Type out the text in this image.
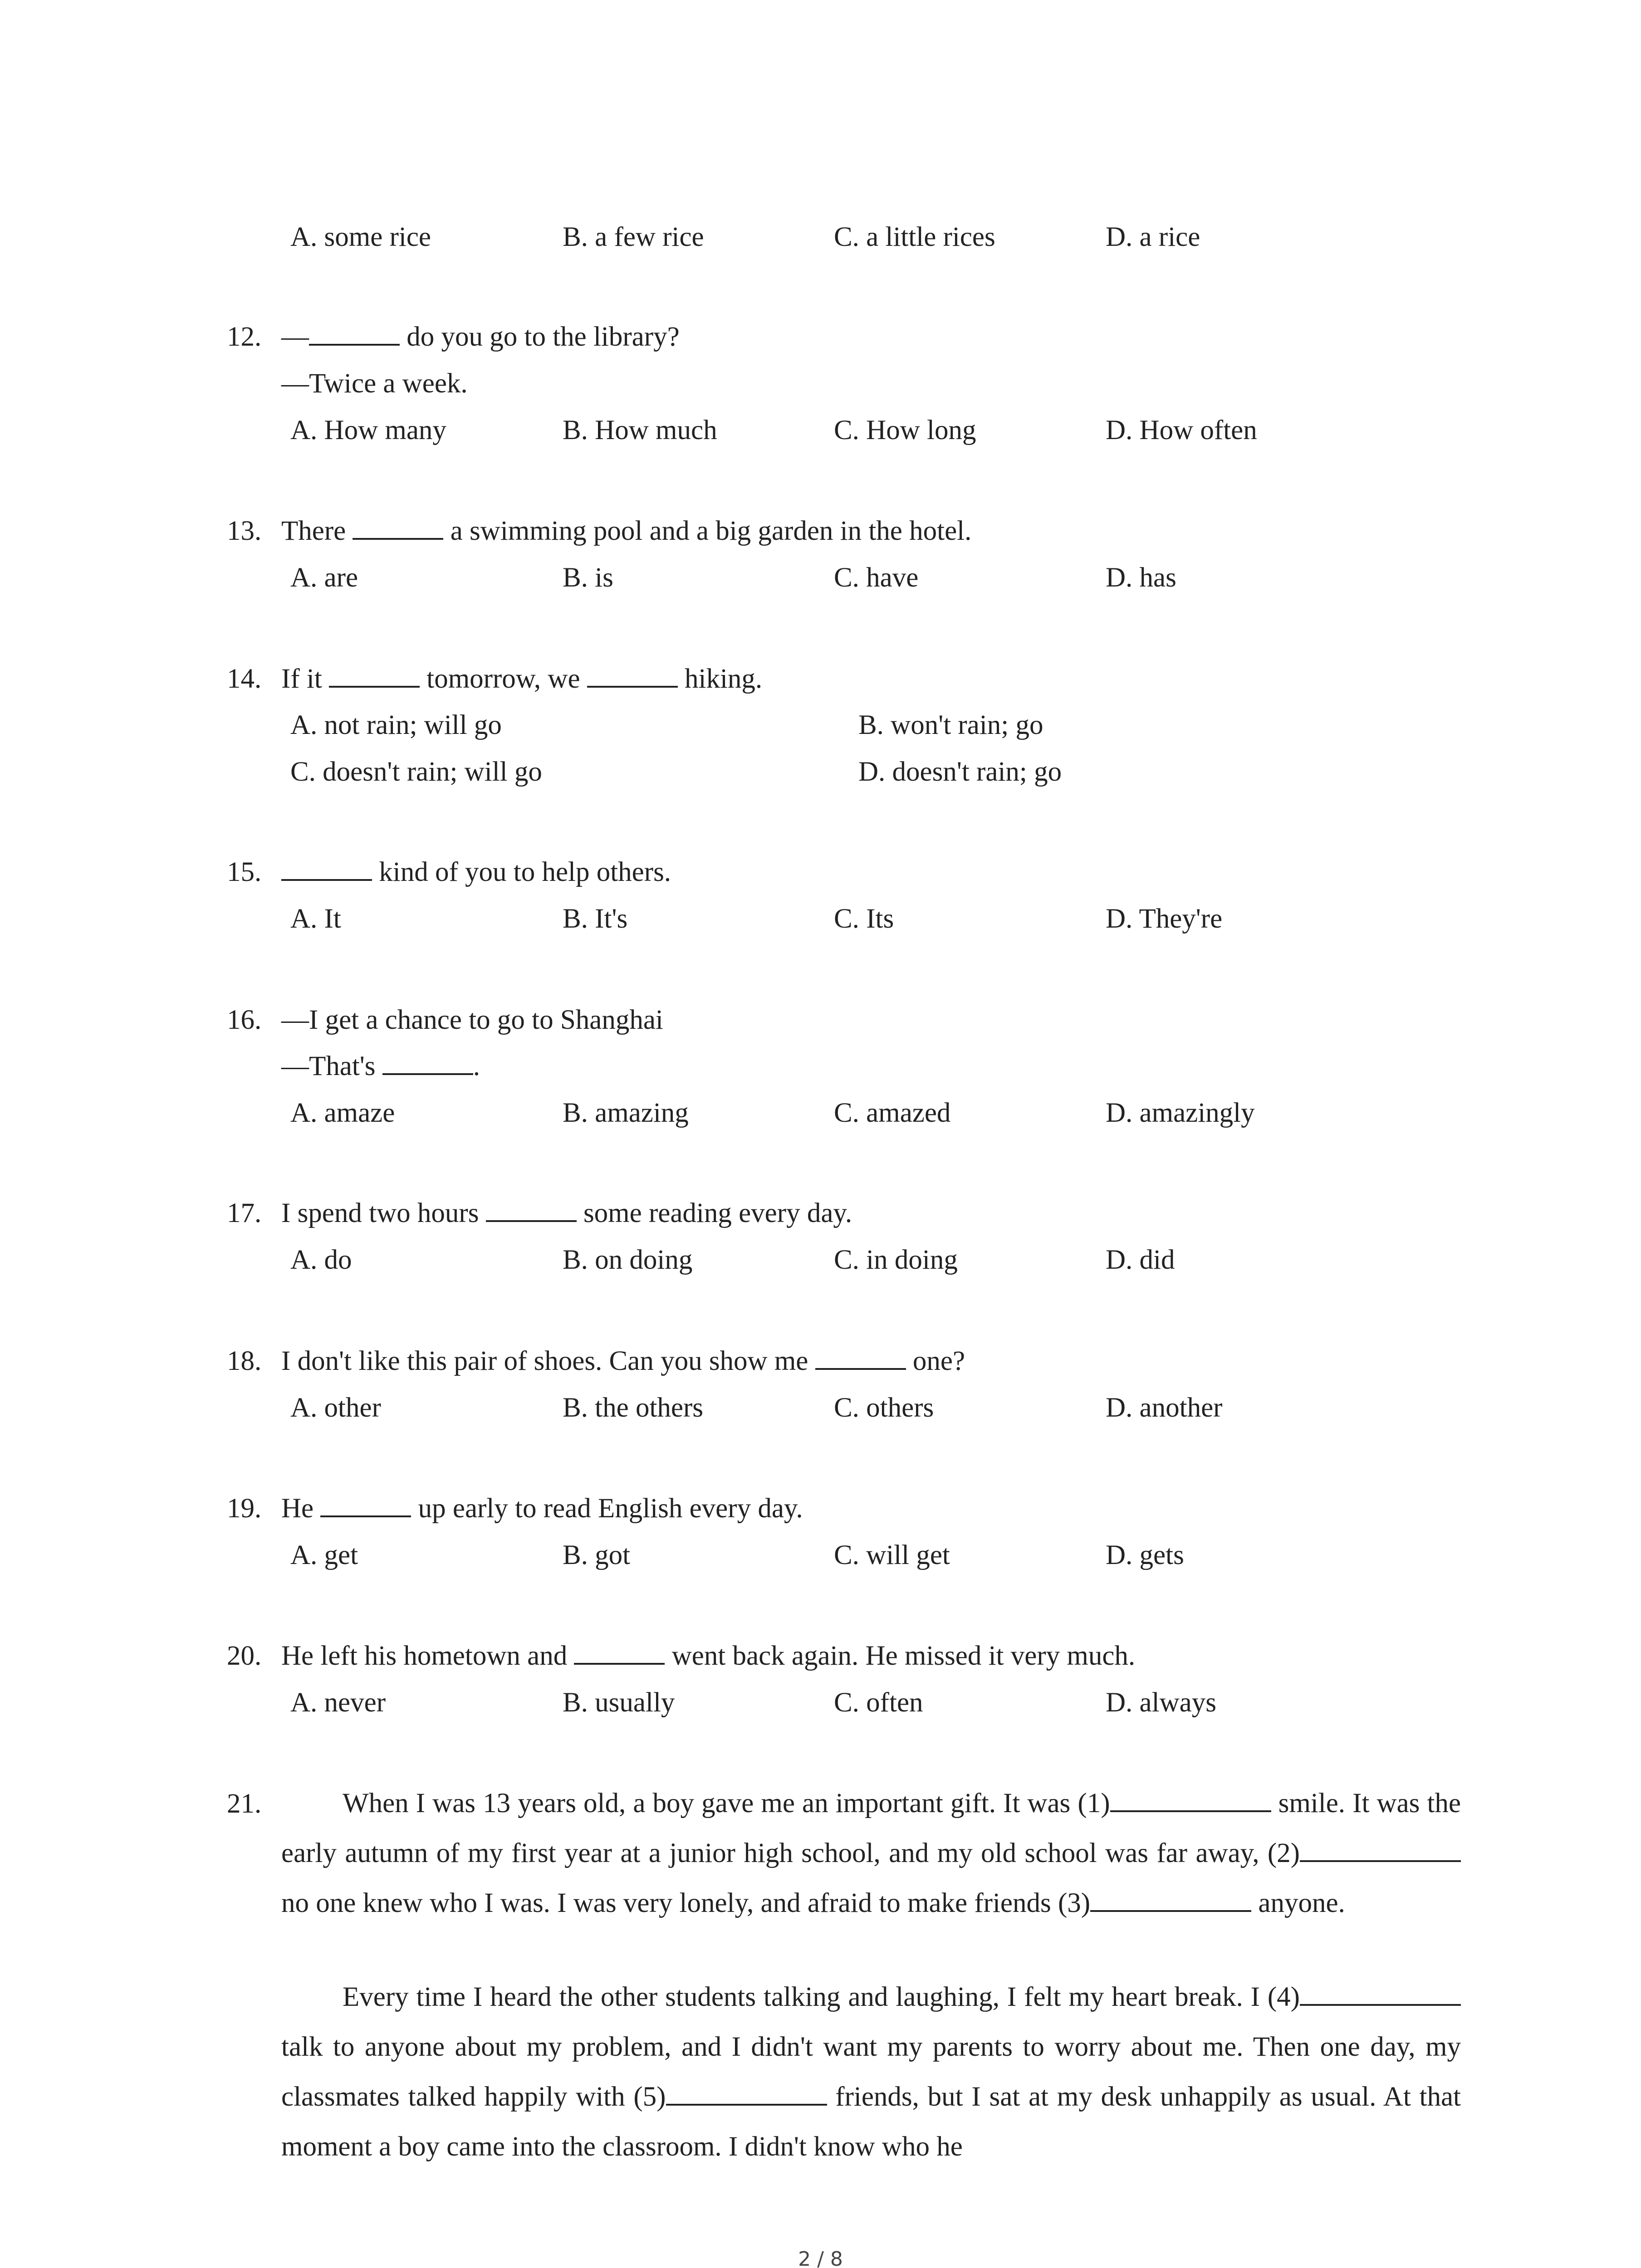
A. some rice	B. a few rice	C. a little rices	D. a rice
12. —	do you go to the library?
—Twice a week.
A. How many	B. How much	C. How long	D. How often
13. There	a swimming pool and a big garden in the hotel.
A. are	B. is	C. have	D. has
14. If it	tomorrow, we	hiking.
A. not rain; will go	B. won't rain; go
C. doesn't rain; will go	D. doesn't rain; go
15.	kind of you to help others.
A. It	B. It's	C. Its	D. They're
16. —I get a chance to go to Shanghai
—That's	.
A. amaze	B. amazing	C. amazed	D. amazingly
17. I spend two hours	some reading every day.
A. do	B. on doing	C. in doing	D. did
18. I don't like this pair of shoes. Can you show me	one?
A. other	B. the others	C. others	D. another
19. He	up early to read English every day.
A. get	B. got	C. will get	D. gets
20. He left his hometown and	went back again. He missed it very much.
A. never	B. usually	C. often	D. always
21.	When I was 13 years old, a boy gave me an important gift. It was (1)	smile. It was the early autumn of my first year at a junior high school, and my old school was far away, (2) no one knew who I was. I was very lonely, and afraid to make friends (3)	anyone.
Every time I heard the other students talking and laughing, I felt my heart break. I (4) talk to anyone about my problem, and I didn't want my parents to worry about me. Then one day, my classmates talked happily with (5)	friends, but I sat at my desk unhappily as usual. At that moment a boy came into the classroom. I didn't know who he
2 / 8
